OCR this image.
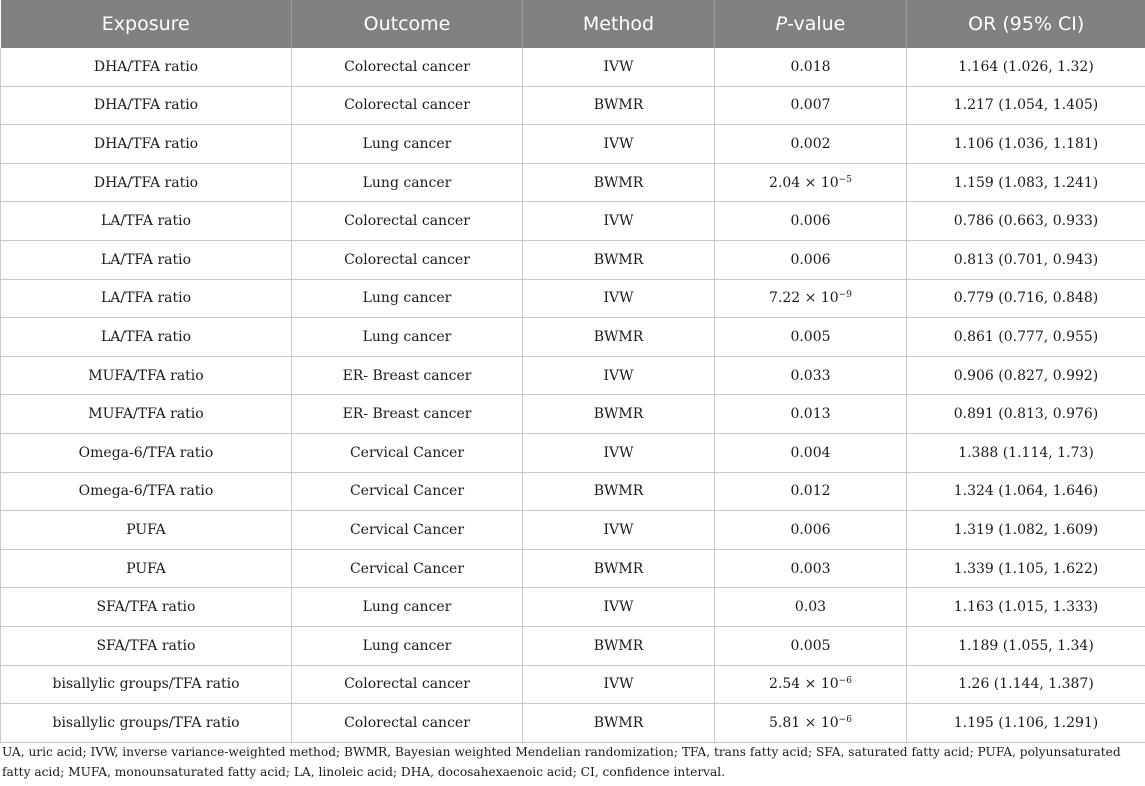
Exposure	Outcome	Method	P-value	OR (95% CI)
DHA/TFA ratio	Colorectal cancer	IVW	0.018	1.164 (1.026, 1.32)
DHA/TFA ratio	Colorectal cancer	BWMR	0.007	1.217 (1.054, 1.405)
DHA/TFA ratio	Lung cancer	IVW	0.002	1.106 (1.036, 1.181)
DHA/TFA ratio	Lung cancer	BWMR	$2.04 \times 10^{-5}$	1.159 (1.083, 1.241)
LA/TFA ratio	Colorectal cancer	IVW	0.006	0.786 (0.663, 0.933)
LA/TFA ratio	Colorectal cancer	BWMR	0.006	0.813 (0.701, 0.943)
LA/TFA ratio	Lung cancer	IVW	$7.22 \times 10^{-9}$	0.779 (0.716, 0.848)
LA/TFA ratio	Lung cancer	BWMR	0.005	0.861 (0.777, 0.955)
MUFA/TFA ratio	ER- Breast cancer	IVW	0.033	0.906 (0.827, 0.992)
MUFA/TFA ratio	ER- Breast cancer	BWMR	0.013	0.891 (0.813, 0.976)
Omega-6/TFA ratio	Cervical Cancer	IVW	0.004	1.388 (1.114, 1.73)
Omega-6/TFA ratio	Cervical Cancer	BWMR	0.012	1.324 (1.064, 1.646)
PUFA	Cervical Cancer	IVW	0.006	1.319 (1.082, 1.609)
PUFA	Cervical Cancer	BWMR	0.003	1.339 (1.105, 1.622)
SFA/TFA ratio	Lung cancer	IVW	0.03	1.163 (1.015, 1.333)
SFA/TFA ratio	Lung cancer	BWMR	0.005	1.189 (1.055, 1.34)
bisallylic groups/TFA ratio	Colorectal cancer	IVW	$2.54 \times 10^{-6}$	1.26 (1.144, 1.387)
bisallylic groups/TFA ratio	Colorectal cancer	BWMR	$5.81 \times 10^{-6}$	1.195 (1.106, 1.291)
UA, uric acid; IVW, inverse variance-weighted method; BWMR, Bayesian weighted Mendelian randomization; TFA, trans fatty acid; SFA, saturated fatty acid; PUFA, polyunsaturated fatty acid; MUFA, monounsaturated fatty acid; LA, linoleic acid; DHA, docosahexaenoic acid; CI, confidence interval.
